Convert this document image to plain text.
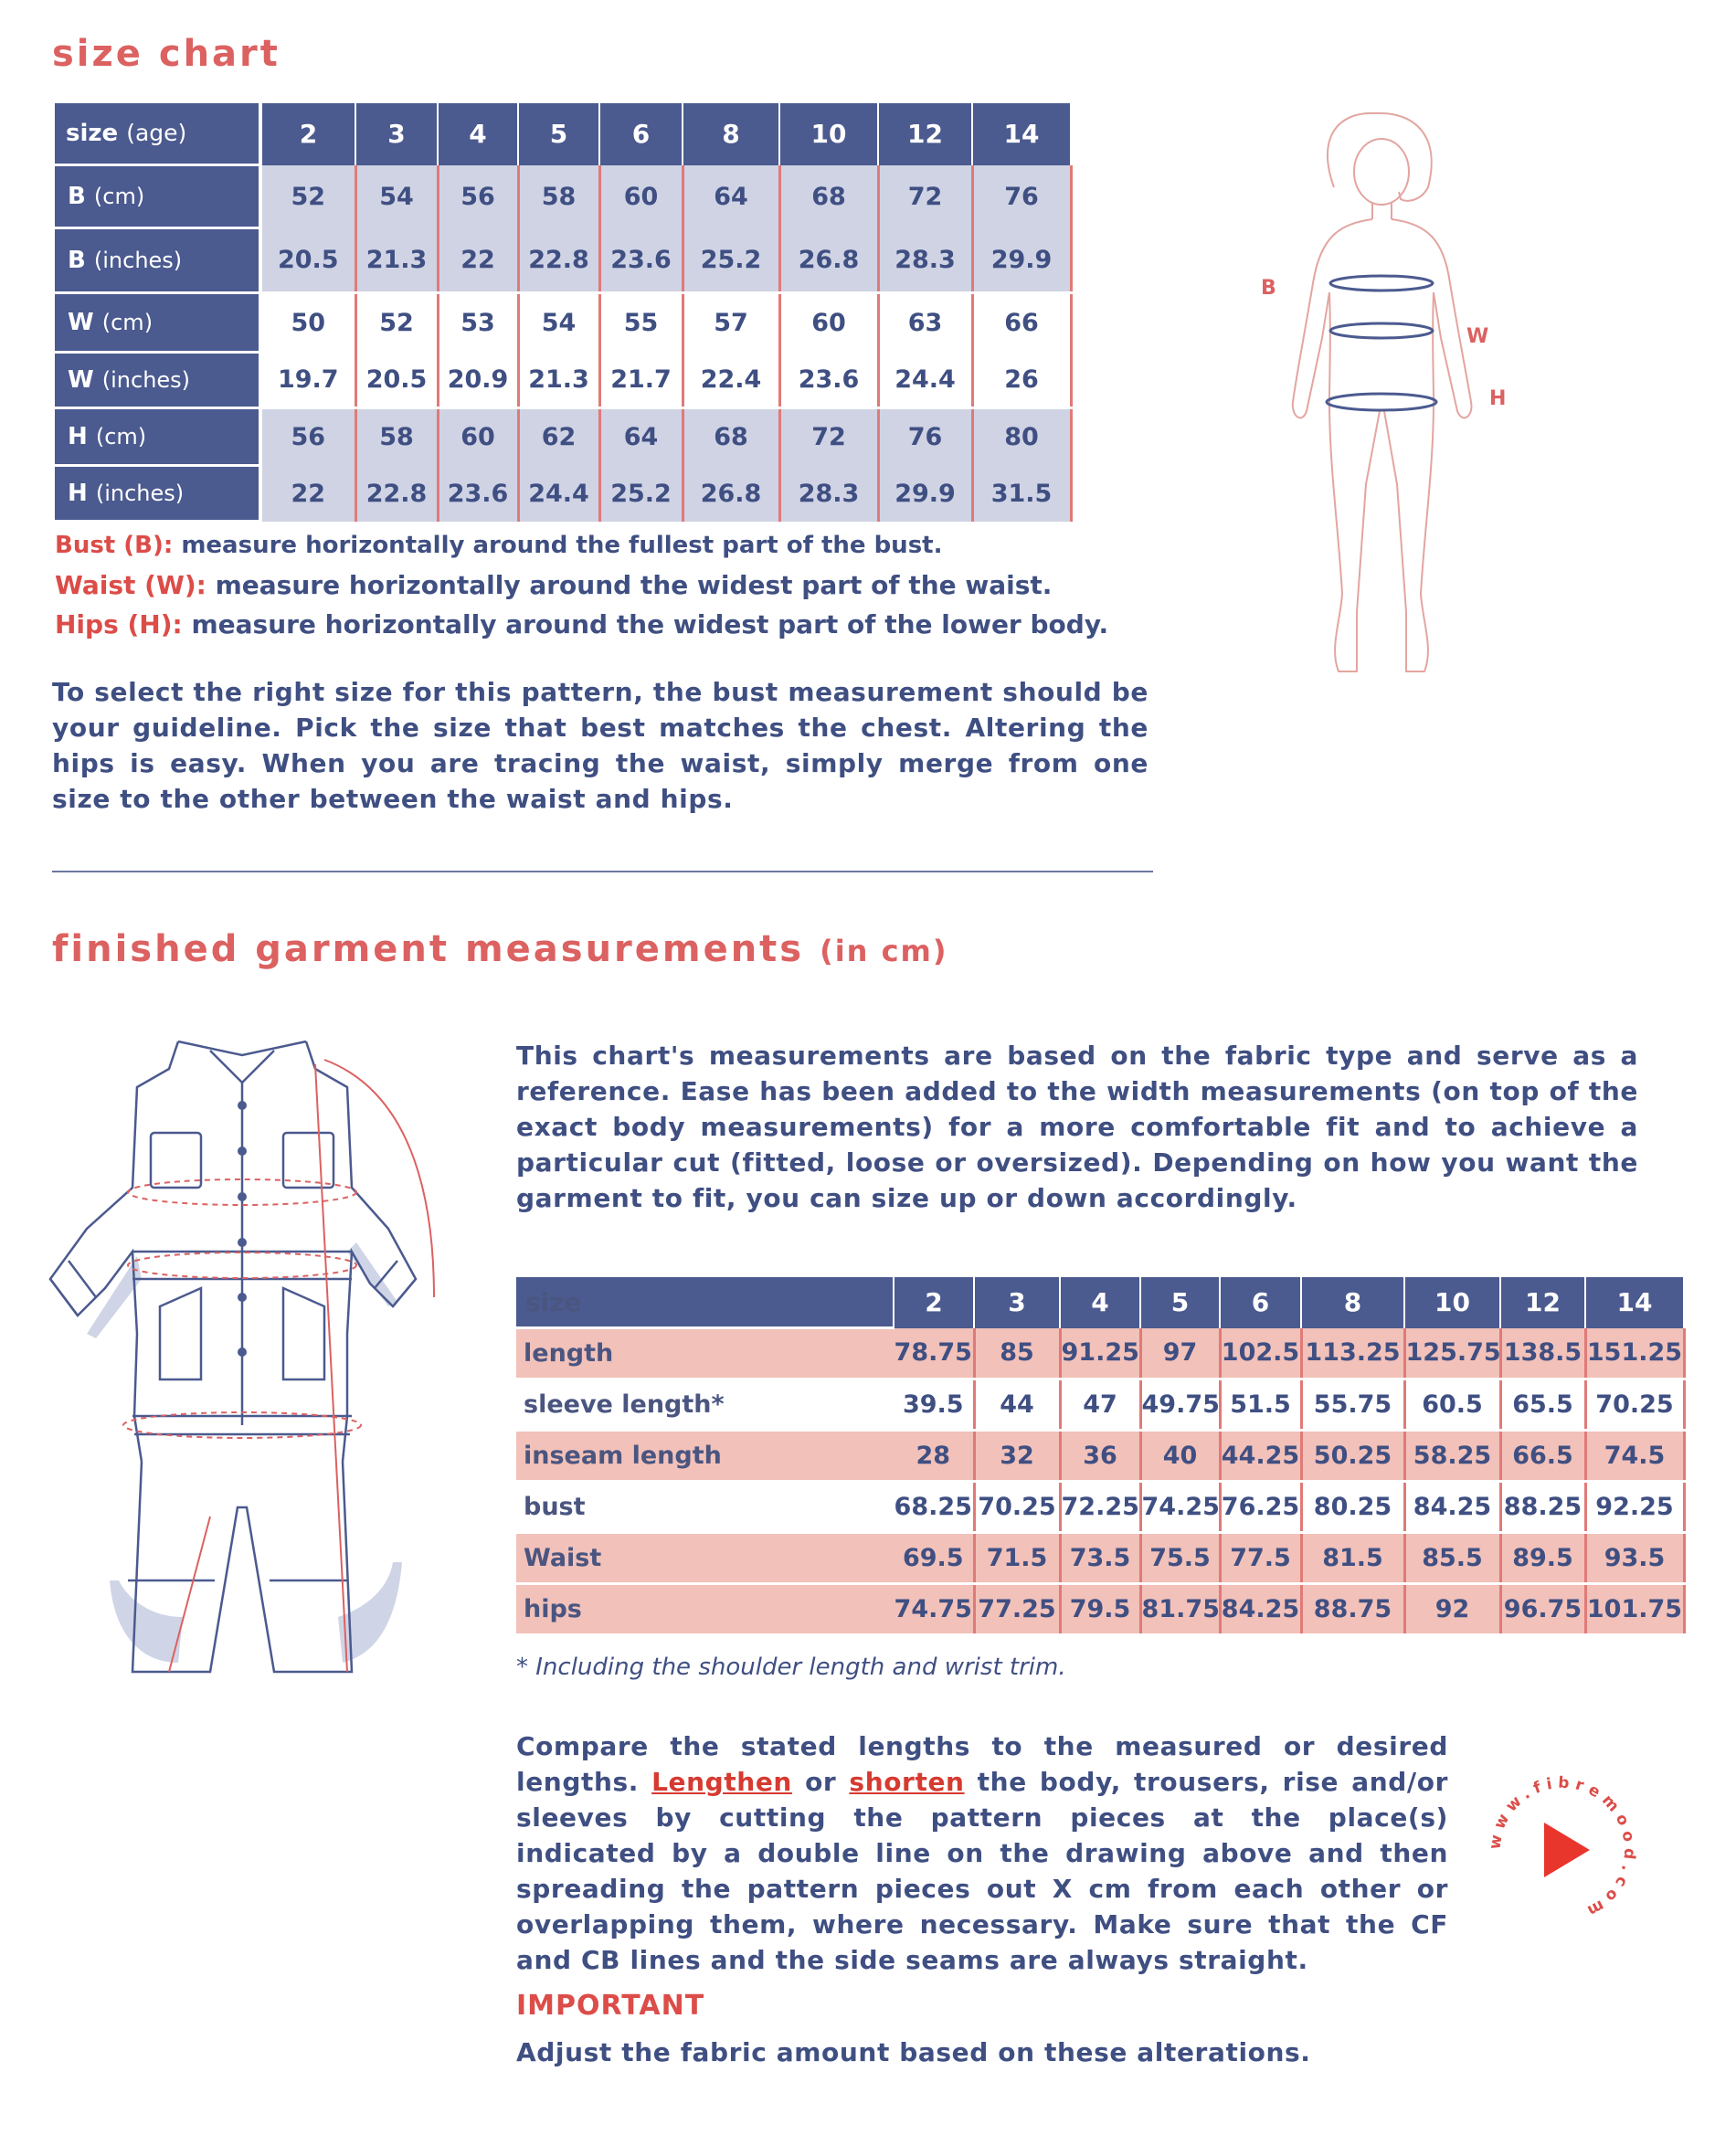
size chart
size (age)	2	3	4	5	6	8	10	12	14
B (cm)	52	54	56	58	60	64	68	72	76
B (inches)	20.5	21.3	22	22.8	23.6	25.2	26.8	28.3	29.9
W (cm)	50	52	53	54	55	57	60	63	66
W (inches)	19.7	20.5	20.9	21.3	21.7	22.4	23.6	24.4	26
H (cm)	56	58	60	62	64	68	72	76	80
H (inches)	22	22.8	23.6	24.4	25.2	26.8	28.3	29.9	31.5
Bust (B): measure horizontally around the fullest part of the bust.
Waist (W): measure horizontally around the widest part of the waist.
Hips (H): measure horizontally around the widest part of the lower body.

To select the right size for this pattern, the bust measurement should be your guideline. Pick the size that best matches the chest. Altering the hips is easy. When you are tracing the waist, simply merge from one size to the other between the waist and hips.

B
W
H
finished garment measurements (in cm)

This chart's measurements are based on the fabric type and serve as a reference. Ease has been added to the width measurements (on top of the exact body measurements) for a more comfortable fit and to achieve a particular cut (fitted, loose or oversized). Depending on how you want the garment to fit, you can size up or down accordingly.

size	2	3	4	5	6	8	10	12	14
length	78.75	85	91.25	97	102.5	113.25	125.75	138.5	151.25
sleeve length*	39.5	44	47	49.75	51.5	55.75	60.5	65.5	70.25
inseam length	28	32	36	40	44.25	50.25	58.25	66.5	74.5
bust	68.25	70.25	72.25	74.25	76.25	80.25	84.25	88.25	92.25
Waist	69.5	71.5	73.5	75.5	77.5	81.5	85.5	89.5	93.5
hips	74.75	77.25	79.5	81.75	84.25	88.75	92	96.75	101.75
* Including the shoulder length and wrist trim.

Compare the stated lengths to the measured or desired lengths. Lengthen or shorten the body, trousers, rise and/or sleeves by cutting the pattern pieces at the place(s) indicated by a double line on the drawing above and then spreading the pattern pieces out X cm from each other or overlapping them, where necessary. Make sure that the CF and CB lines and the side seams are always straight.

www.fibremood.com
IMPORTANT
Adjust the fabric amount based on these alterations.
